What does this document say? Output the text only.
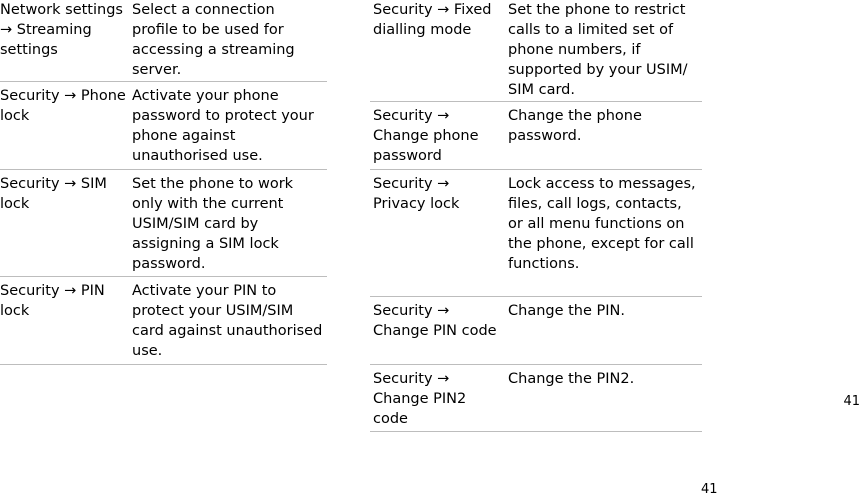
Network settings → Streaming settings
Select a connection profile to be used for accessing a streaming server.
Security → Phone lock
Activate your phone password to protect your phone against unauthorised use.
Security → SIM lock
Set the phone to work only with the current USIM/SIM card by assigning a SIM lock password.
Security → PIN lock
Activate your PIN to protect your USIM/SIM card against unauthorised use.
Security → Fixed dialling mode
Set the phone to restrict calls to a limited set of phone numbers, if supported by your USIM/ SIM card.
Security → Change phone password
Change the phone password.
Security → Privacy lock
Lock access to messages, files, call logs, contacts, or all menu functions on the phone, except for call functions.
Security → Change PIN code
Change the PIN.
Security → Change PIN2 code
Change the PIN2.
41
41
